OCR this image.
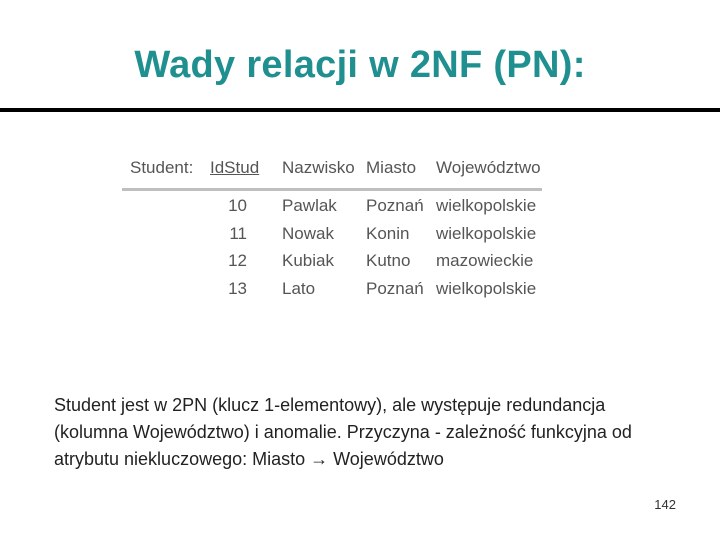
Wady relacji w 2NF (PN):
Student: IdStud Nazwisko Miasto Województwo
10 Pawlak Poznań wielkopolskie
11 Nowak Konin wielkopolskie
12 Kubiak Kutno mazowieckie
13 Lato	Poznań wielkopolskie
Student jest w 2PN (klucz 1-elementowy), ale występuje redundancja
(kolumna Województwo) i anomalie. Przyczyna - zależność funkcyjna od
atrybutu niekluczowego: Miasto → Województwo
142
